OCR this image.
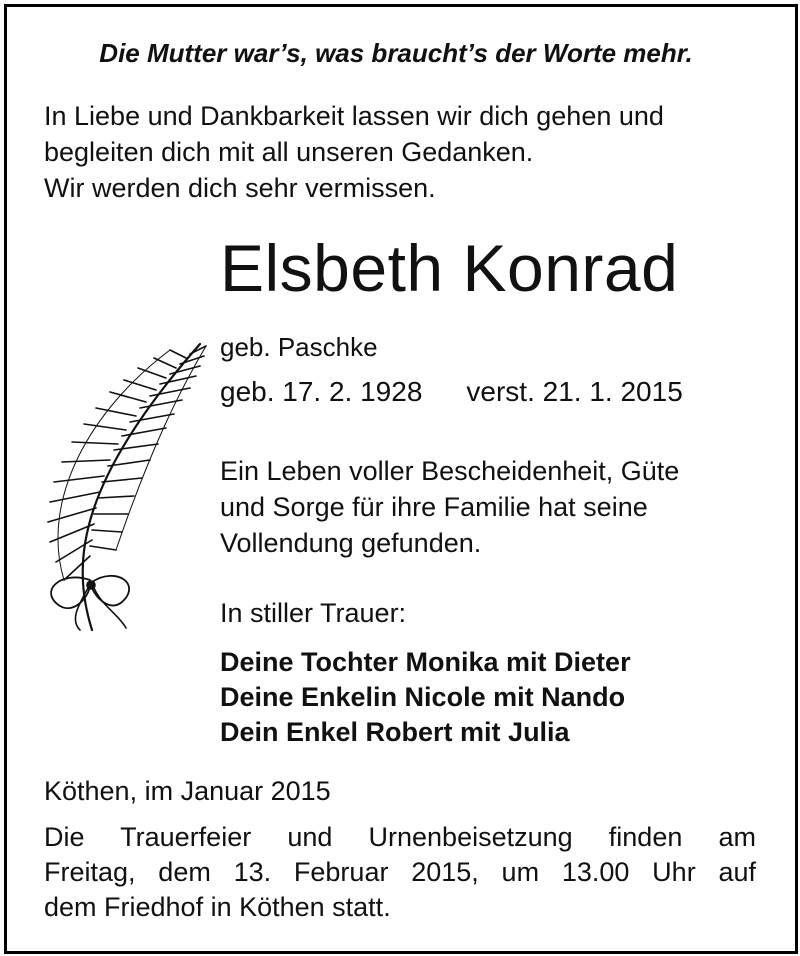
Die Mutter war’s, was braucht’s der Worte mehr.
In Liebe und Dankbarkeit lassen wir dich gehen und
begleiten dich mit all unseren Gedanken.
Wir werden dich sehr vermissen.
Elsbeth Konrad
geb. Paschke
geb. 17. 2. 1928 verst. 21. 1. 2015
Ein Leben voller Bescheidenheit, Güte
und Sorge für ihre Familie hat seine
Vollendung gefunden.
In stiller Trauer:
Deine Tochter Monika mit Dieter
Deine Enkelin Nicole mit Nando
Dein Enkel Robert mit Julia
Köthen, im Januar 2015
Die Trauerfeier und Urnenbeisetzung finden am
Freitag, dem 13. Februar 2015, um 13.00 Uhr auf
dem Friedhof in Köthen statt.
